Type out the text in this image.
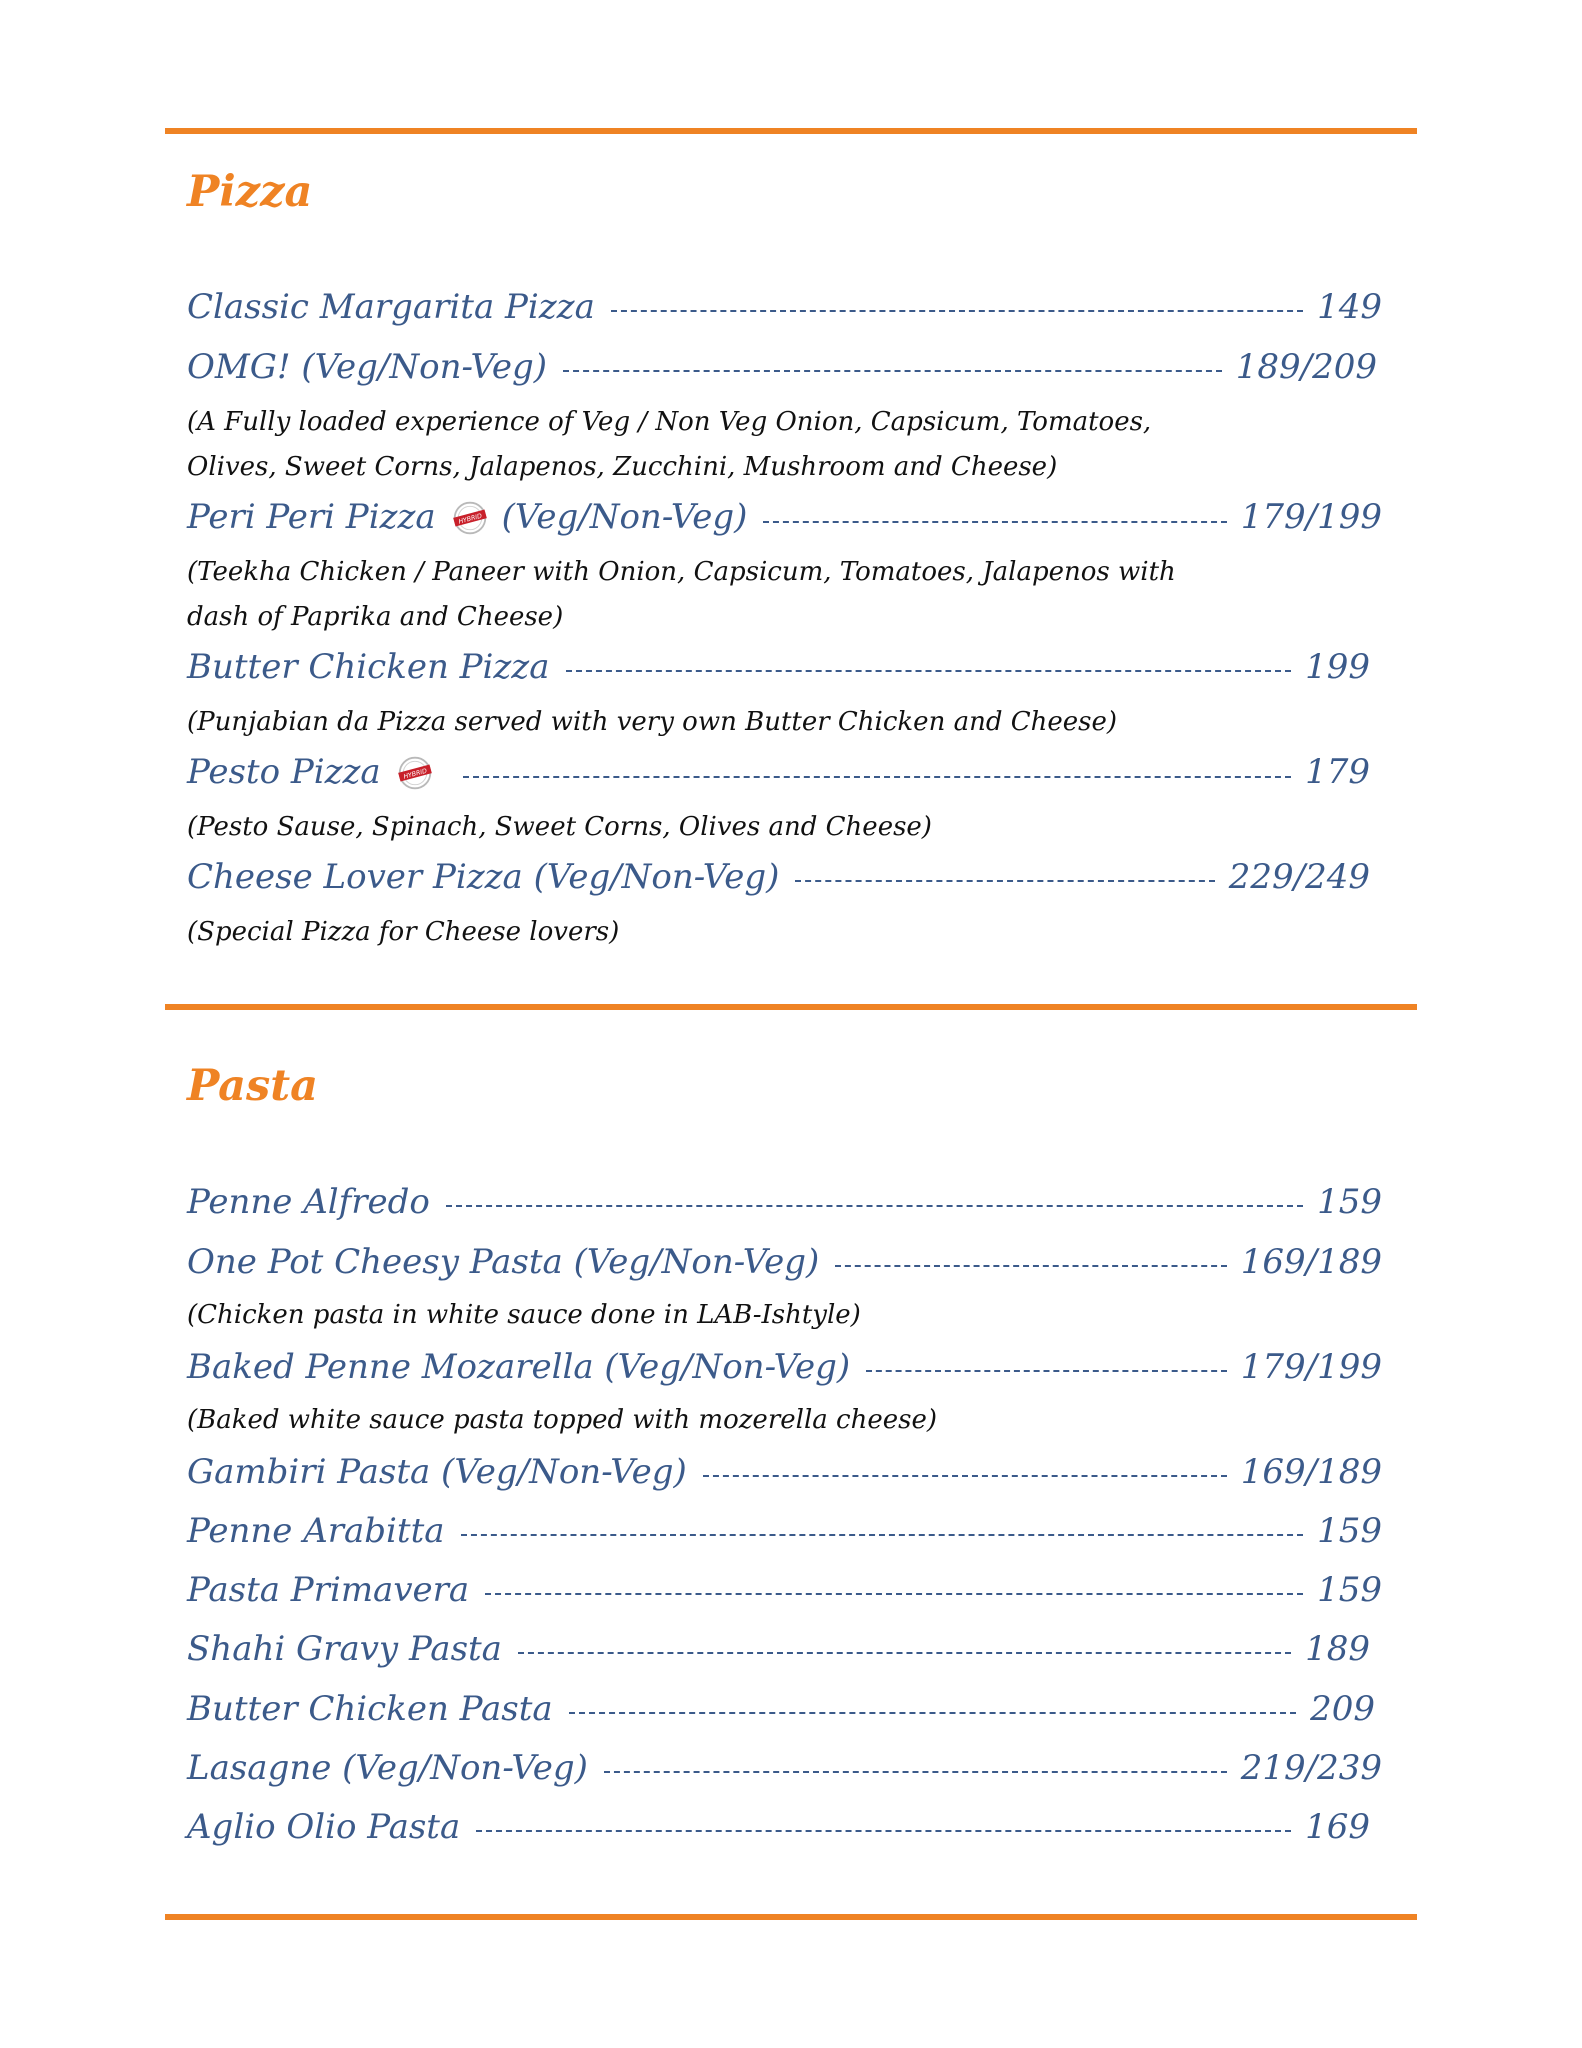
Pizza
Classic Margarita Pizza	149
OMG! (Veg/Non-Veg)	189/209
(A Fully loaded experience of Veg / Non Veg Onion, Capsicum, Tomatoes, Olives, Sweet Corns, Jalapenos, Zucchini, Mushroom and Cheese)
Peri Peri Pizza	HYBRID (Veg/Non-Veg)	179/199
(Teekha Chicken / Paneer with Onion, Capsicum, Tomatoes, Jalapenos with dash of Paprika and Cheese)
Butter Chicken Pizza	199
(Punjabian da Pizza served with very own Butter Chicken and Cheese)
Pesto Pizza	HYBRID	179
(Pesto Sause, Spinach, Sweet Corns, Olives and Cheese)
Cheese Lover Pizza (Veg/Non-Veg)	229/249
(Special Pizza for Cheese lovers)
Pasta
Penne Alfredo	159
One Pot Cheesy Pasta (Veg/Non-Veg)	169/189
(Chicken pasta in white sauce done in LAB-Ishtyle)
Baked Penne Mozarella (Veg/Non-Veg)	179/199
(Baked white sauce pasta topped with mozerella cheese)
Gambiri Pasta (Veg/Non-Veg)	169/189
Penne Arabitta	159
Pasta Primavera	159
Shahi Gravy Pasta	189
Butter Chicken Pasta	209
Lasagne (Veg/Non-Veg)	219/239
Aglio Olio Pasta	169
